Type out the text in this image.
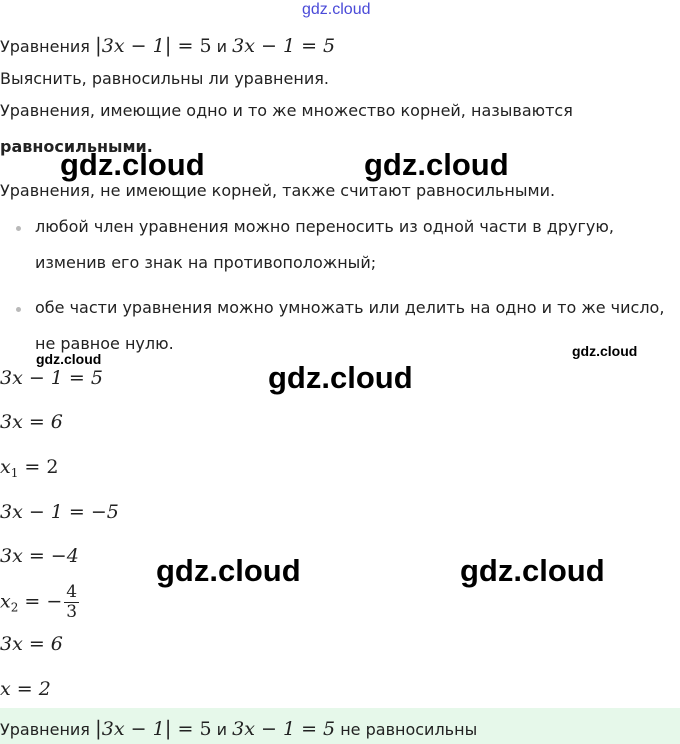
gdz.cloud
Уравнения |3x − 1| = 5 и 3x − 1 = 5
Выяснить, равносильны ли уравнения.
Уравнения, имеющие одно и то же множество корней, называются
равносильными.
Уравнения, не имеющие корней, также считают равносильными.
любой член уравнения можно переносить из одной части в другую,
изменив его знак на противоположный;
обе части уравнения можно умножать или делить на одно и то же число,
не равное нулю.
3x − 1 = 5
3x = 6
$x_1 = 2$
3x − 1 = −5
3x = −4
$x_2$ = − $\frac{4}{3}$
3x = 6
x = 2
Уравнения |3x − 1| = 5 и 3x − 1 = 5 не равносильны
gdz.cloud	gdz.cloud
gdz.cloud	gdz.cloud
gdz.cloud
gdz.cloud	gdz.cloud
